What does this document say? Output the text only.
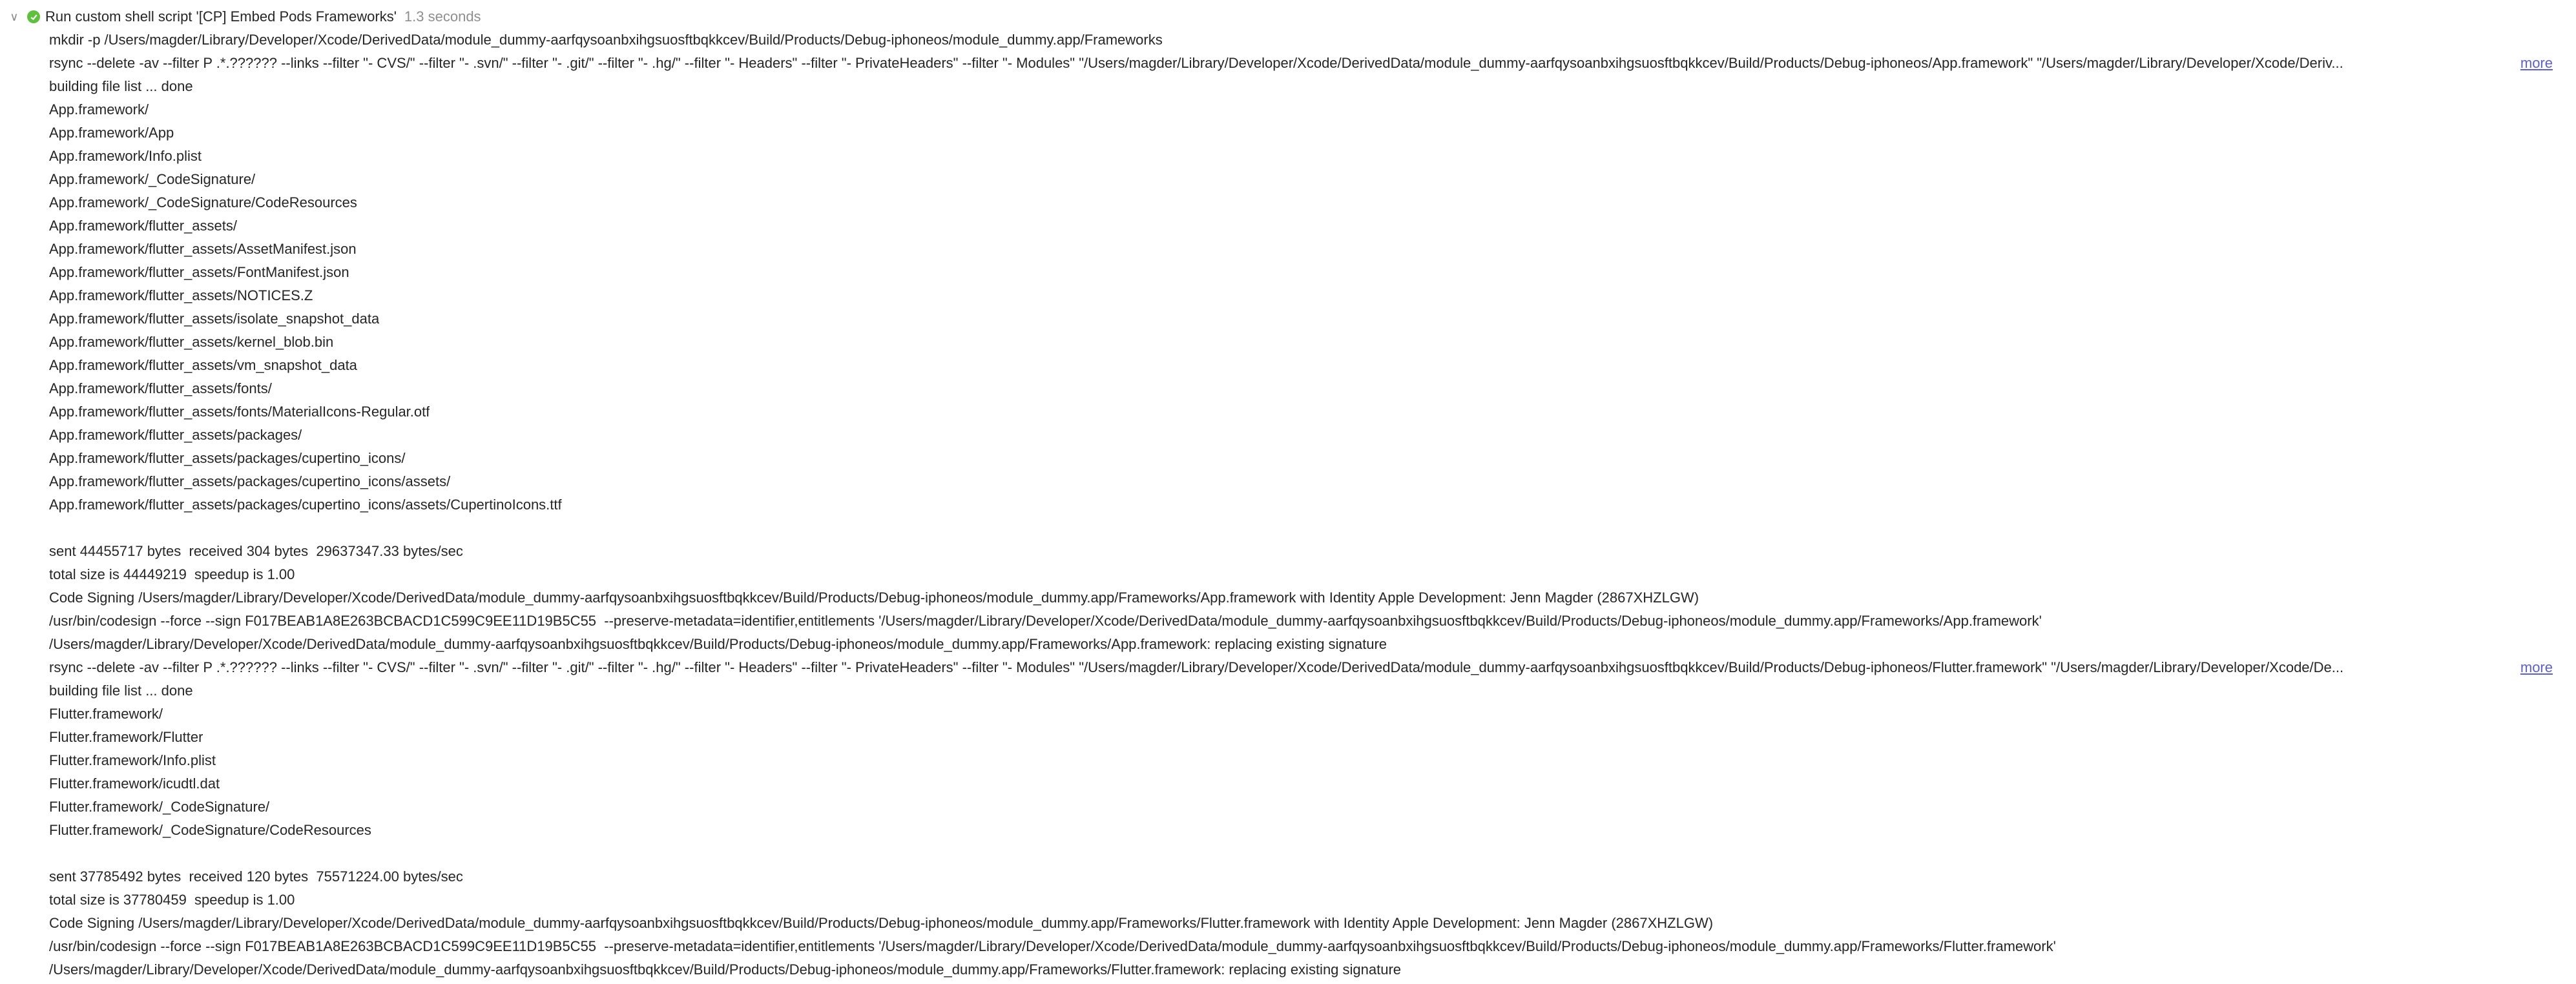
∨ Run custom shell script '[CP] Embed Pods Frameworks' 1.3 seconds
mkdir -p /Users/magder/Library/Developer/Xcode/DerivedData/module_dummy-aarfqysoanbxihgsuosftbqkkcev/Build/Products/Debug-iphoneos/module_dummy.app/Frameworks
rsync --delete -av --filter P .*.?????? --links --filter "- CVS/" --filter "- .svn/" --filter "- .git/" --filter "- .hg/" --filter "- Headers" --filter "- PrivateHeaders" --filter "- Modules" "/Users/magder/Library/Developer/Xcode/DerivedData/module_dummy-aarfqysoanbxihgsuosftbqkkcev/Build/Products/Debug-iphoneos/App.framework" "/Users/magder/Library/Developer/Xcode/Deriv...	more
building file list ... done
App.framework/
App.framework/App
App.framework/Info.plist
App.framework/_CodeSignature/
App.framework/_CodeSignature/CodeResources
App.framework/flutter_assets/
App.framework/flutter_assets/AssetManifest.json
App.framework/flutter_assets/FontManifest.json
App.framework/flutter_assets/NOTICES.Z
App.framework/flutter_assets/isolate_snapshot_data
App.framework/flutter_assets/kernel_blob.bin
App.framework/flutter_assets/vm_snapshot_data
App.framework/flutter_assets/fonts/
App.framework/flutter_assets/fonts/MaterialIcons-Regular.otf
App.framework/flutter_assets/packages/
App.framework/flutter_assets/packages/cupertino_icons/
App.framework/flutter_assets/packages/cupertino_icons/assets/
App.framework/flutter_assets/packages/cupertino_icons/assets/CupertinoIcons.ttf
sent 44455717 bytes  received 304 bytes  29637347.33 bytes/sec
total size is 44449219  speedup is 1.00
Code Signing /Users/magder/Library/Developer/Xcode/DerivedData/module_dummy-aarfqysoanbxihgsuosftbqkkcev/Build/Products/Debug-iphoneos/module_dummy.app/Frameworks/App.framework with Identity Apple Development: Jenn Magder (2867XHZLGW)
/usr/bin/codesign --force --sign F017BEAB1A8E263BCBACD1C599C9EE11D19B5C55  --preserve-metadata=identifier,entitlements '/Users/magder/Library/Developer/Xcode/DerivedData/module_dummy-aarfqysoanbxihgsuosftbqkkcev/Build/Products/Debug-iphoneos/module_dummy.app/Frameworks/App.framework'
/Users/magder/Library/Developer/Xcode/DerivedData/module_dummy-aarfqysoanbxihgsuosftbqkkcev/Build/Products/Debug-iphoneos/module_dummy.app/Frameworks/App.framework: replacing existing signature
rsync --delete -av --filter P .*.?????? --links --filter "- CVS/" --filter "- .svn/" --filter "- .git/" --filter "- .hg/" --filter "- Headers" --filter "- PrivateHeaders" --filter "- Modules" "/Users/magder/Library/Developer/Xcode/DerivedData/module_dummy-aarfqysoanbxihgsuosftbqkkcev/Build/Products/Debug-iphoneos/Flutter.framework" "/Users/magder/Library/Developer/Xcode/De...	more
building file list ... done
Flutter.framework/
Flutter.framework/Flutter
Flutter.framework/Info.plist
Flutter.framework/icudtl.dat
Flutter.framework/_CodeSignature/
Flutter.framework/_CodeSignature/CodeResources
sent 37785492 bytes  received 120 bytes  75571224.00 bytes/sec
total size is 37780459  speedup is 1.00
Code Signing /Users/magder/Library/Developer/Xcode/DerivedData/module_dummy-aarfqysoanbxihgsuosftbqkkcev/Build/Products/Debug-iphoneos/module_dummy.app/Frameworks/Flutter.framework with Identity Apple Development: Jenn Magder (2867XHZLGW)
/usr/bin/codesign --force --sign F017BEAB1A8E263BCBACD1C599C9EE11D19B5C55  --preserve-metadata=identifier,entitlements '/Users/magder/Library/Developer/Xcode/DerivedData/module_dummy-aarfqysoanbxihgsuosftbqkkcev/Build/Products/Debug-iphoneos/module_dummy.app/Frameworks/Flutter.framework'
/Users/magder/Library/Developer/Xcode/DerivedData/module_dummy-aarfqysoanbxihgsuosftbqkkcev/Build/Products/Debug-iphoneos/module_dummy.app/Frameworks/Flutter.framework: replacing existing signature
